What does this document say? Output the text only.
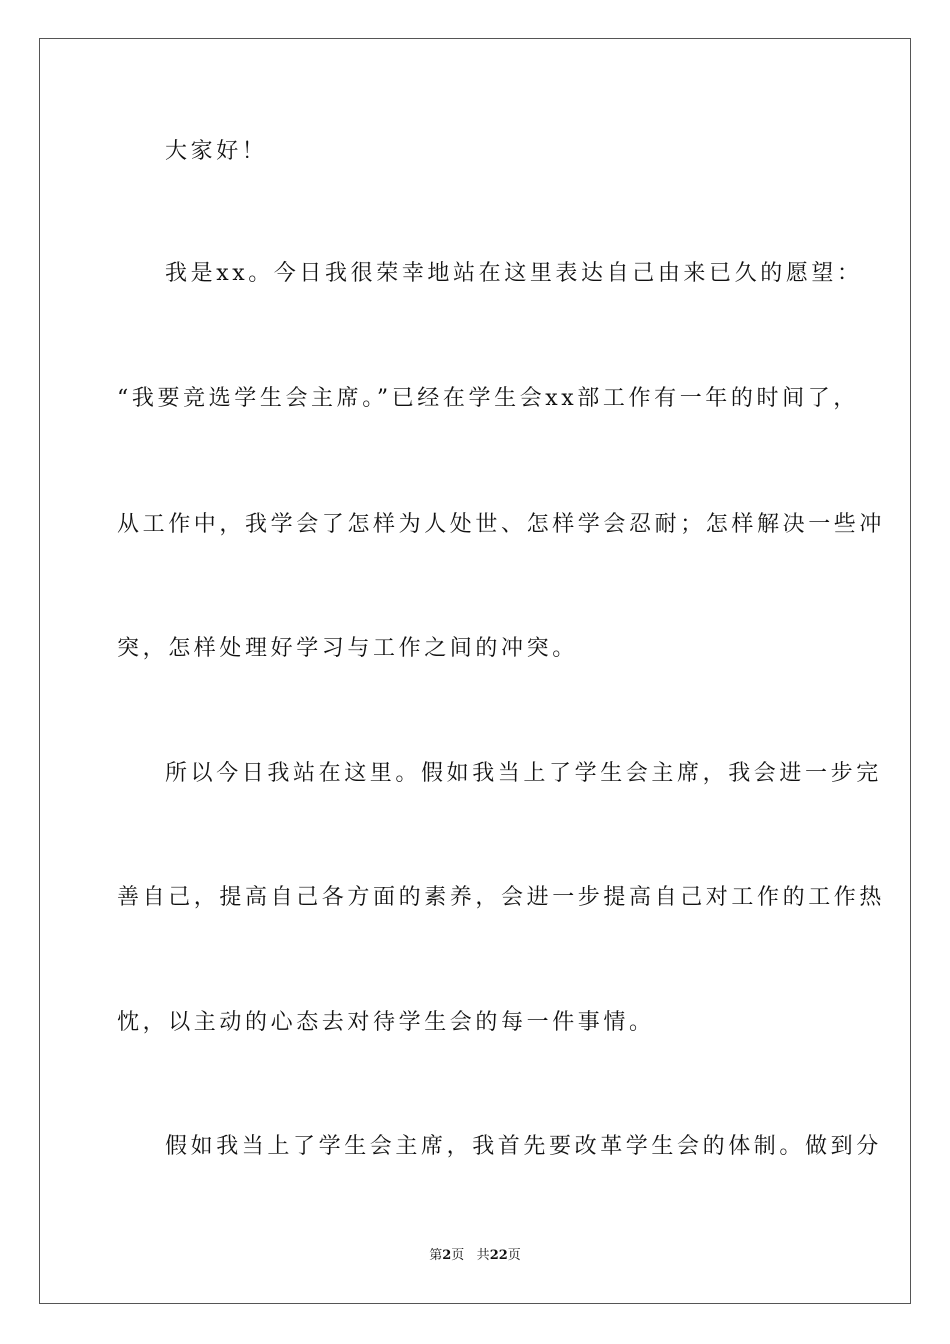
大家好！
我是xx。今日我很荣幸地站在这里表达自己由来已久的愿望：
“我要竞选学生会主席。”已经在学生会xx部工作有一年的时间了，
从工作中，我学会了怎样为人处世、怎样学会忍耐；怎样解决一些冲
突，怎样处理好学习与工作之间的冲突。
所以今日我站在这里。假如我当上了学生会主席，我会进一步完
善自己，提高自己各方面的素养，会进一步提高自己对工作的工作热
忱，以主动的心态去对待学生会的每一件事情。
假如我当上了学生会主席，我首先要改革学生会的体制。做到分
第2页 共22页
